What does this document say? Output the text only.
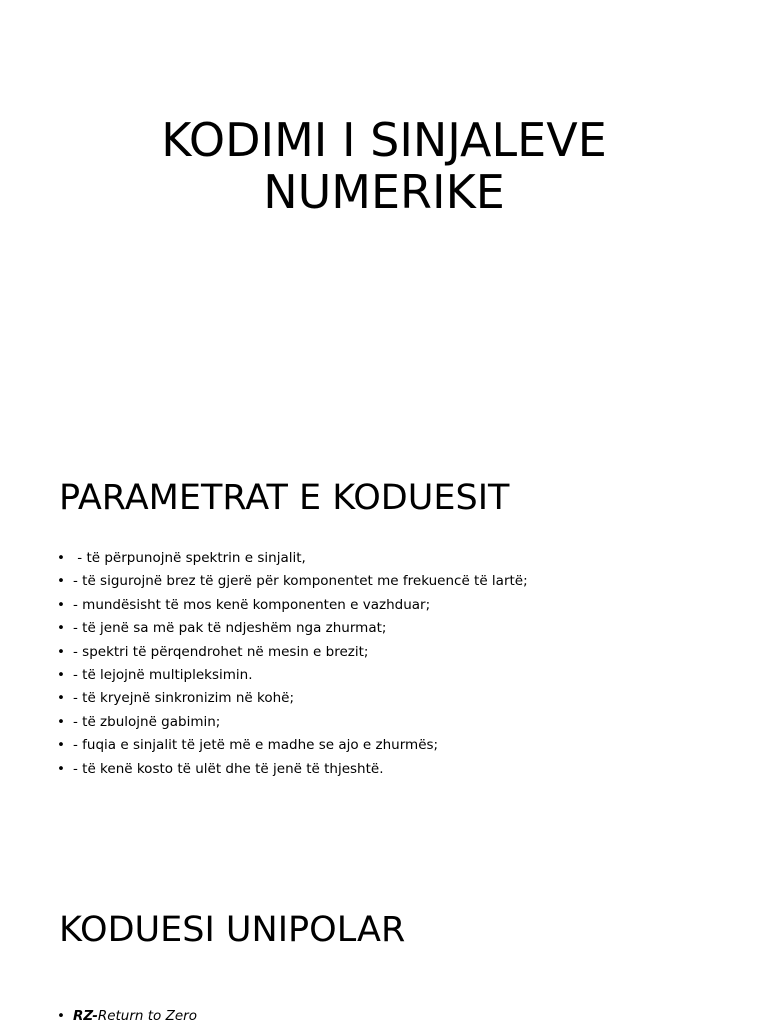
KODIMI I SINJALEVE
NUMERIKE
PARAMETRAT E KODUESIT
• - të përpunojnë spektrin e sinjalit,
• - të sigurojnë brez të gjerë për komponentet me frekuencë të lartë;
• - mundësisht të mos kenë komponenten e vazhduar;
• - të jenë sa më pak të ndjeshëm nga zhurmat;
• - spektri të përqendrohet në mesin e brezit;
• - të lejojnë multipleksimin.
• - të kryejnë sinkronizim në kohë;
• - të zbulojnë gabimin;
• - fuqia e sinjalit të jetë më e madhe se ajo e zhurmës;
• - të kenë kosto të ulët dhe të jenë të thjeshtë.
KODUESI UNIPOLAR
• RZ-Return to Zero
